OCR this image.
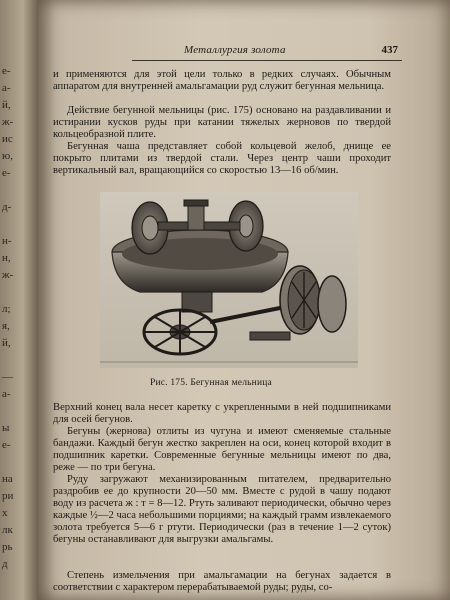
е-
а-
й,
ж-
ис
ю,
е-
д-
н-
н,
ж-
л;
я,
й,
—
а-
ы
е-
на
ри
х
лк
рь
д
Металлургия золота	437

и применяются для этой цели только в редких случаях. Обычным аппаратом для внутренней амальгамации руд служит бегунная мельница.

Действие бегунной мельницы (рис. 175) основано на раздавливании и истирании кусков руды при катании тяжелых жерновов по твердой кольцеобразной плите.

Бегунная чаша представляет собой кольцевой желоб, днище ее покрыто плитами из твердой стали. Через центр чаши проходит вертикальный вал, вращающийся со скоростью 13—16 об/мин.

Рис. 175. Бегунная мельница

Верхний конец вала несет каретку с укрепленными в ней подшипниками для осей бегунов.

Бегуны (жернова) отлиты из чугуна и имеют сменяемые стальные бандажи. Каждый бегун жестко закреплен на оси, конец которой входит в подшипник каретки. Современные бегунные мельницы имеют по два, реже — по три бегуна.

Руду загружают механизированным питателем, предварительно раздробив ее до крупности 20—50 мм. Вместе с рудой в чашу подают воду из расчета ж : т = 8—12. Ртуть заливают периодически, обычно через каждые ½—2 часа небольшими порциями; на каждый грамм извлекаемого золота требуется 5—6 г ртути. Периодически (раз в течение 1—2 суток) бегуны останавливают для выгрузки амальгамы.

Степень измельчения при амальгамации на бегунах задается в соответствии с характером перерабатываемой руды; руды, со-
